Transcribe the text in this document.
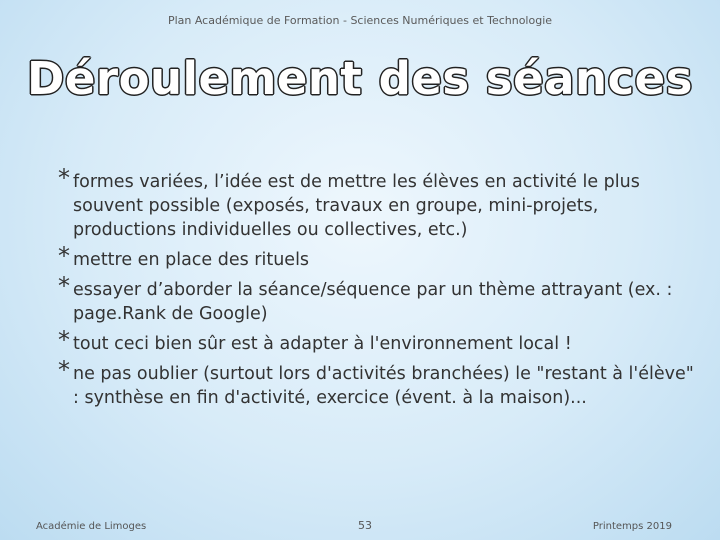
Plan Académique de Formation - Sciences Numériques et Technologie
Déroulement des séances
* formes variées, l’idée est de mettre les élèves en activité le plus souvent possible (exposés, travaux en groupe, mini-projets, productions individuelles ou collectives, etc.)
* mettre en place des rituels
* essayer d’aborder la séance/séquence par un thème attrayant (ex. : page.Rank de Google)
* tout ceci bien sûr est à adapter à l'environnement local !
* ne pas oublier (surtout lors d'activités branchées) le "restant à l'élève" : synthèse en fin d'activité, exercice (évent. à la maison)...
Académie de Limoges	53	Printemps 2019
